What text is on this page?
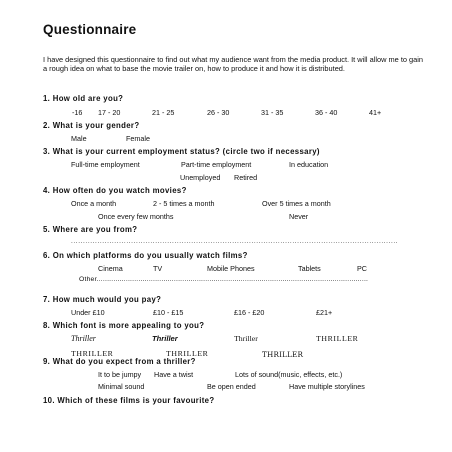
Questionnaire
I have designed this questionnaire to find out what my audience want from the media product. It will allow me to gain a rough idea on what to base the movie trailer on, how to produce it and how it is distributed.
1. How old are you?
-16 17 - 20	21 - 25	26 - 30	31 - 35	36 - 40	41+
2. What is your gender?
Male	Female
3. What is your current employment status? (circle two if necessary)
Full-time employment	Part-time employment	In education
Unemployed Retired
4. How often do you watch movies?
Once a month	2 - 5 times a month	Over 5 times a month
Once every few months	Never
5. Where are you from?
........................................................................................................................................
6. On which platforms do you usually watch films?
Cinema	TV	Mobile Phones	Tablets	PC
Other..................................................................................................................................
7. How much would you pay?
Under £10	£10 - £15	£16 - £20	£21+
8. Which font is more appealing to you?
Thriller	Thriller	Thriller	THRILLER
THRILLER	THRILLER	THRILLER
9. What do you expect from a thriller?
It to be jumpy Have a twist	Lots of sound(music, effects, etc.)
Minimal sound	Be open ended	Have multiple storylines
10. Which of these films is your favourite?
